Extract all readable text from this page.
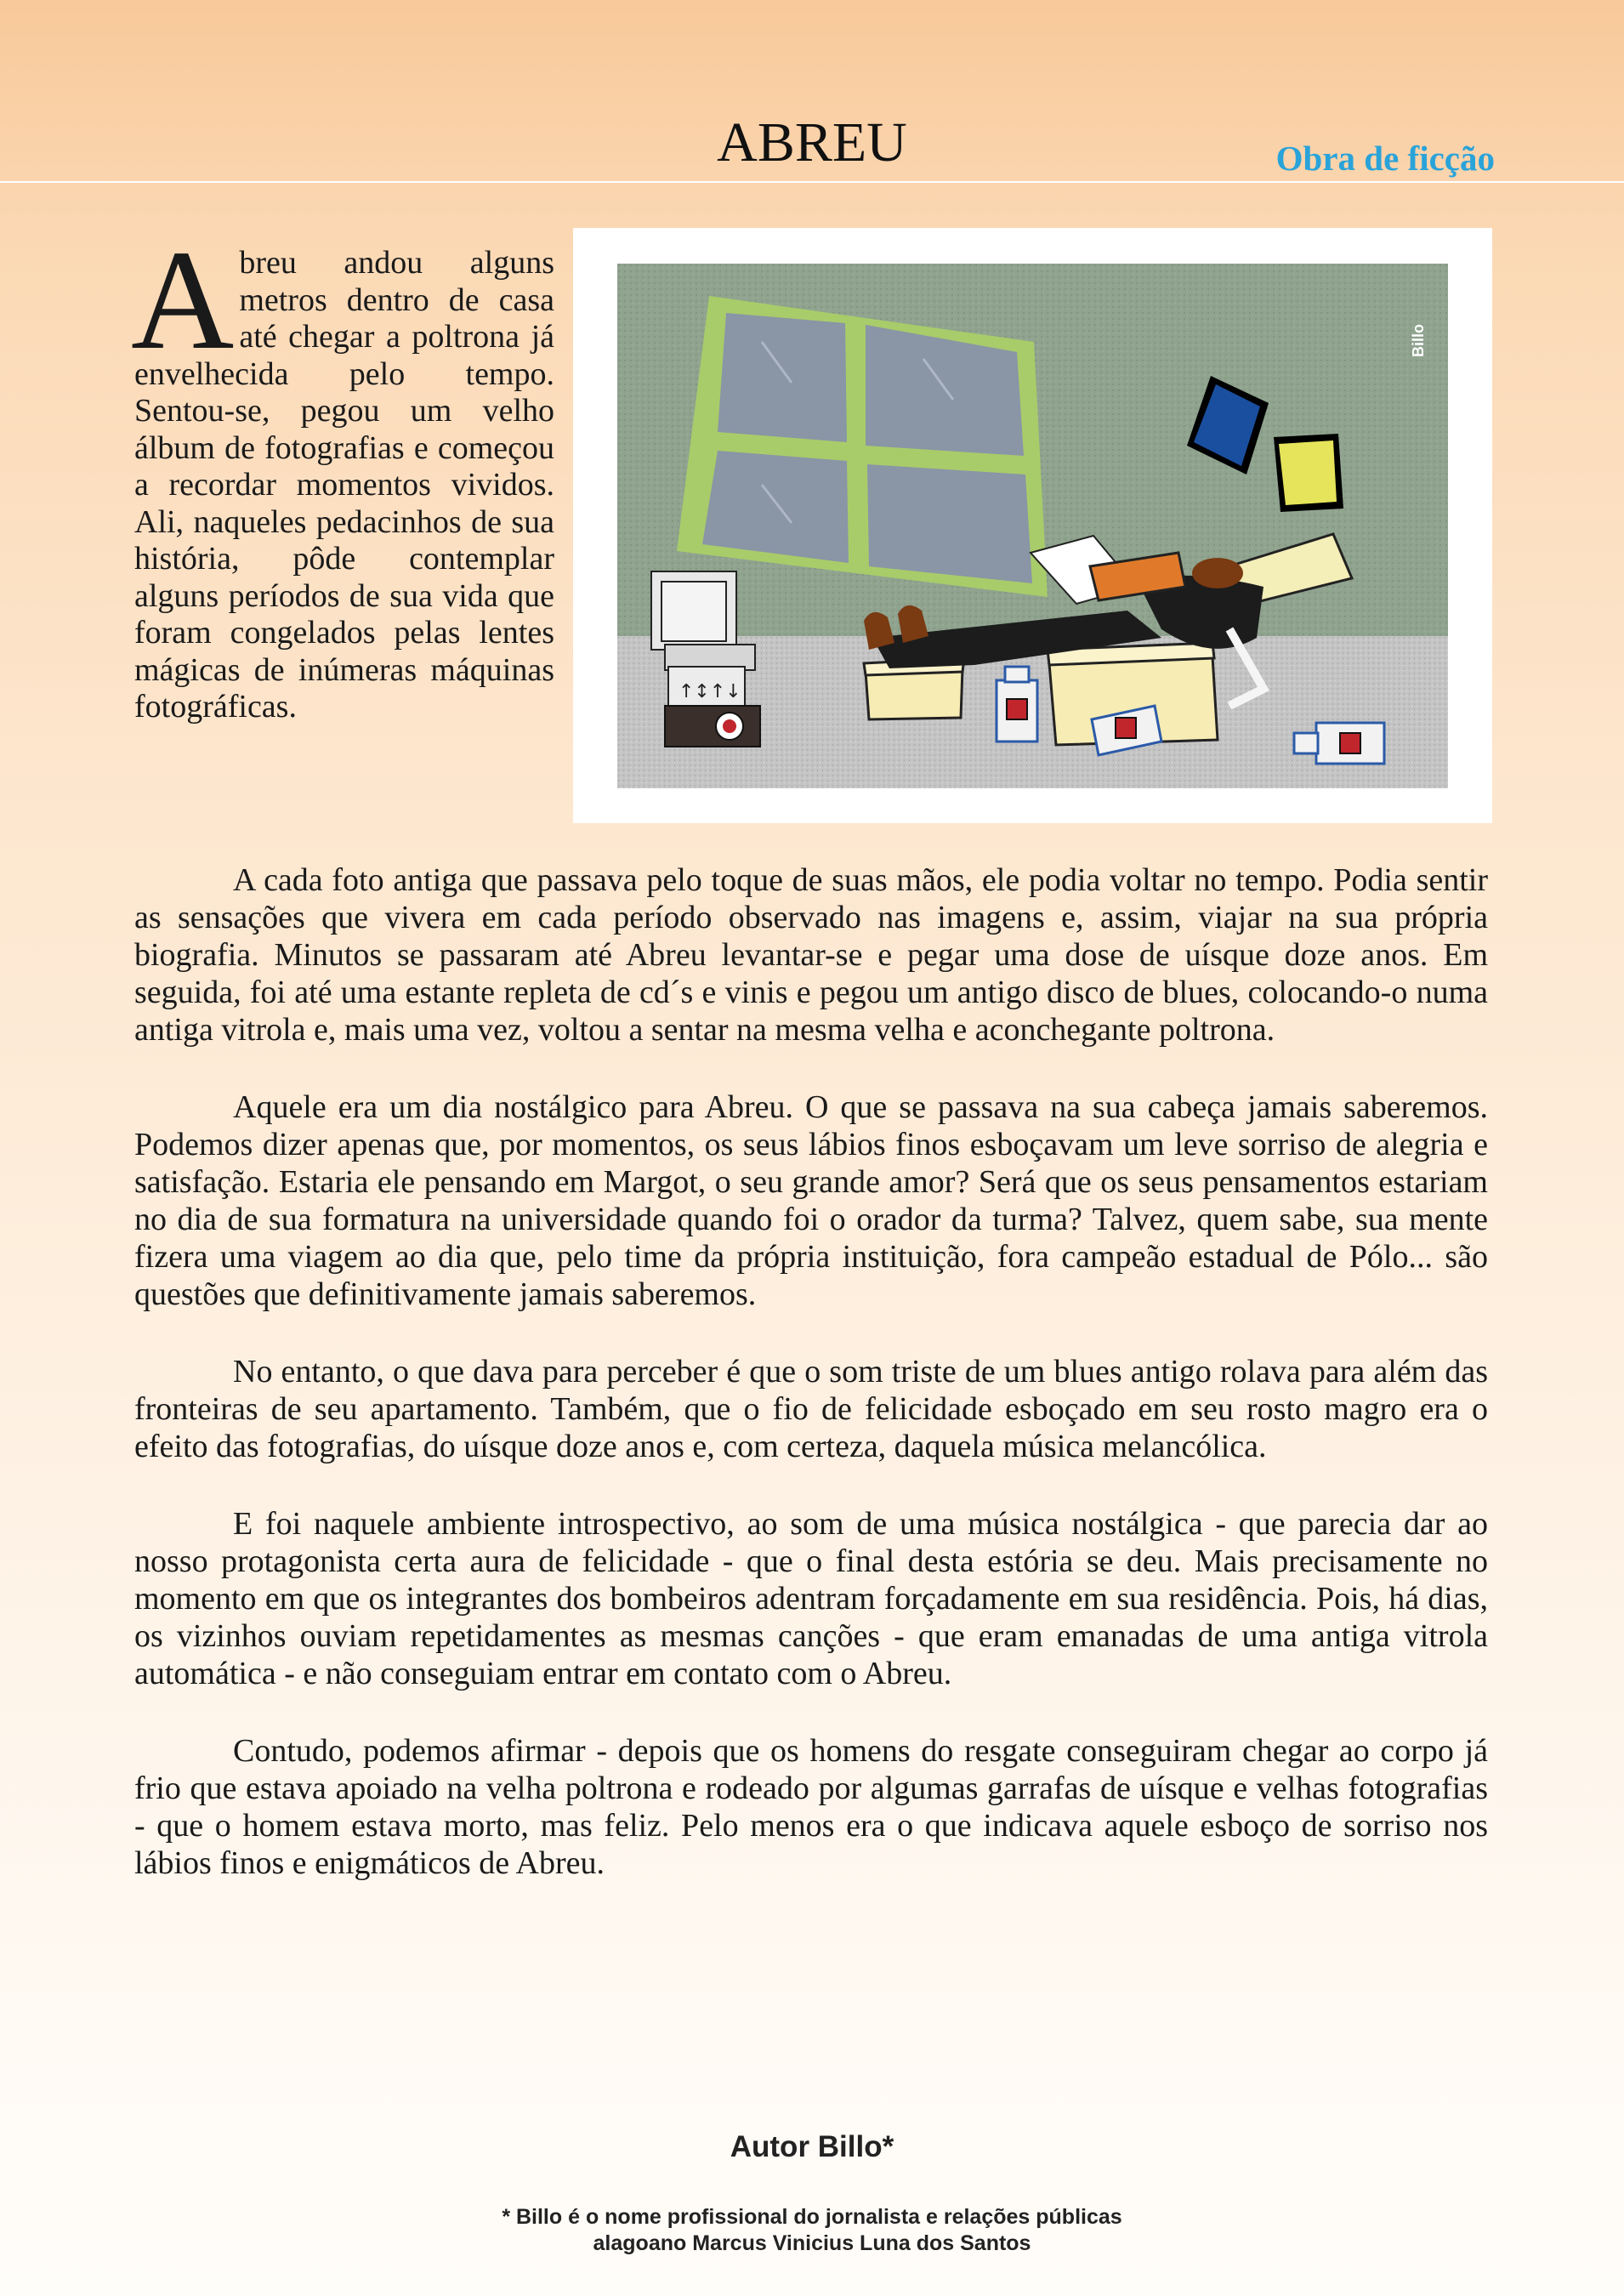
ABREU	Obra de ficção
Abreu andou alguns metros dentro de casa até chegar a poltrona já envelhecida pelo tempo. Sentou-se, pegou um velho álbum de fotografias e começou a recordar momentos vividos. Ali, naqueles pedacinhos de sua história, pôde contemplar alguns períodos de sua vida que foram congelados pelas lentes mágicas de inúmeras máquinas fotográficas.
Billo
↑↕↑↓

A cada foto antiga que passava pelo toque de suas mãos, ele podia voltar no tempo. Podia sentir as sensações que vivera em cada período observado nas imagens e, assim, viajar na sua própria biografia. Minutos se passaram até Abreu levantar-se e pegar uma dose de uísque doze anos. Em seguida, foi até uma estante repleta de cd´s e vinis e pegou um antigo disco de blues, colocando-o numa antiga vitrola e, mais uma vez, voltou a sentar na mesma velha e aconchegante poltrona.

Aquele era um dia nostálgico para Abreu. O que se passava na sua cabeça jamais saberemos. Podemos dizer apenas que, por momentos, os seus lábios finos esboçavam um leve sorriso de alegria e satisfação. Estaria ele pensando em Margot, o seu grande amor? Será que os seus pensamentos estariam no dia de sua formatura na universidade quando foi o orador da turma? Talvez, quem sabe, sua mente fizera uma viagem ao dia que, pelo time da própria instituição, fora campeão estadual de Pólo... são questões que definitivamente jamais saberemos.

No entanto, o que dava para perceber é que o som triste de um blues antigo rolava para além das fronteiras de seu apartamento. Também, que o fio de felicidade esboçado em seu rosto magro era o efeito das fotografias, do uísque doze anos e, com certeza, daquela música melancólica.

E foi naquele ambiente introspectivo, ao som de uma música nostálgica - que parecia dar ao nosso protagonista certa aura de felicidade - que o final desta estória se deu. Mais precisamente no momento em que os integrantes dos bombeiros adentram forçadamente em sua residência. Pois, há dias, os vizinhos ouviam repetidamentes as mesmas canções - que eram emanadas de uma antiga vitrola automática - e não conseguiam entrar em contato com o Abreu.

Contudo, podemos afirmar - depois que os homens do resgate conseguiram chegar ao corpo já frio que estava apoiado na velha poltrona e rodeado por algumas garrafas de uísque e velhas fotografias - que o homem estava morto, mas feliz. Pelo menos era o que indicava aquele esboço de sorriso nos lábios finos e enigmáticos de Abreu.

Autor Billo*
* Billo é o nome profissional do jornalista e relações públicas
alagoano Marcus Vinicius Luna dos Santos
